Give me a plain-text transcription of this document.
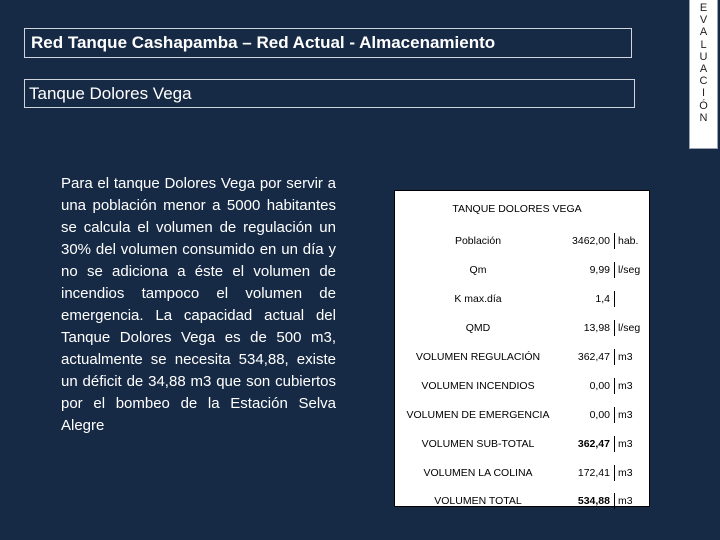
Red Tanque Cashapamba – Red Actual - Almacenamiento
Tanque Dolores Vega
E
V
A
L
U
A
C
I
Ó
N

Para el tanque Dolores Vega por servir a una población menor a 5000 habitantes se calcula el volumen de regulación un 30% del volumen consumido en un día y no se adiciona a éste el volumen de incendios tampoco el volumen de emergencia. La capacidad actual del Tanque Dolores Vega es de 500 m3, actualmente se necesita 534,88, existe un déficit de 34,88 m3 que son cubiertos por el bombeo de la Estación Selva Alegre

TANQUE DOLORES VEGA
Población	3462,00 hab.
Qm	9,99 l/seg
K max.día	1,4
QMD	13,98 l/seg
VOLUMEN REGULACIÓN	362,47 m3
VOLUMEN INCENDIOS	0,00 m3
VOLUMEN DE EMERGENCIA	0,00 m3
VOLUMEN SUB-TOTAL	362,47 m3
VOLUMEN LA COLINA	172,41 m3
VOLUMEN TOTAL	534,88 m3
